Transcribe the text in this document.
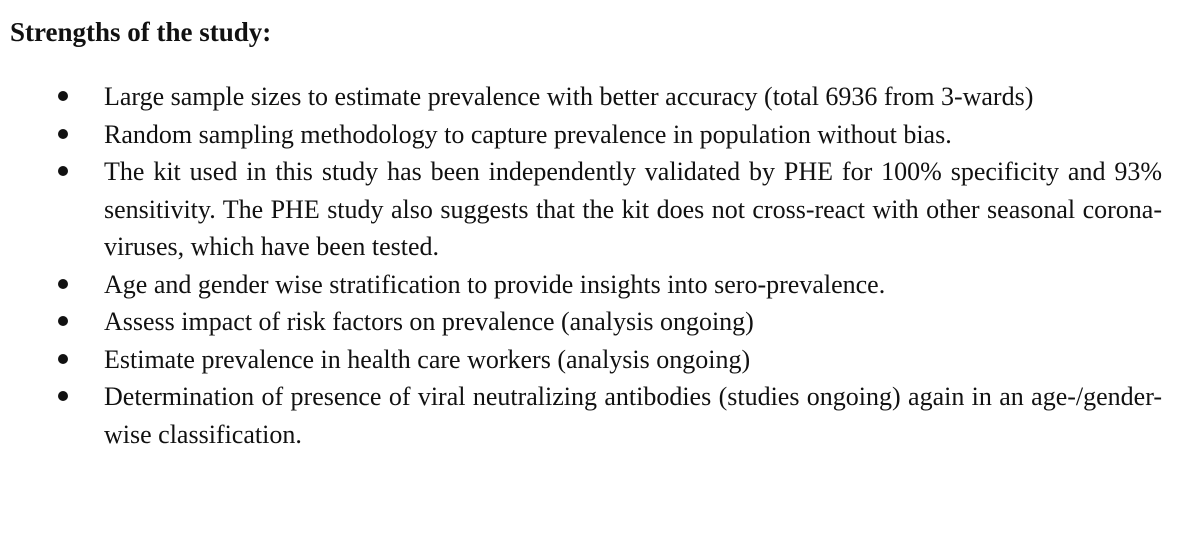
Strengths of the study:
Large sample sizes to estimate prevalence with better accuracy (total 6936 from 3-wards)
Random sampling methodology to capture prevalence in population without bias.
The kit used in this study has been independently validated by PHE for 100% specificity and 93% sensitivity. The PHE study also suggests that the kit does not cross-react with other seasonal corona-viruses, which have been tested.
Age and gender wise stratification to provide insights into sero-prevalence.
Assess impact of risk factors on prevalence (analysis ongoing)
Estimate prevalence in health care workers (analysis ongoing)
Determination of presence of viral neutralizing antibodies (studies ongoing) again in an age-/gender-wise classification.
